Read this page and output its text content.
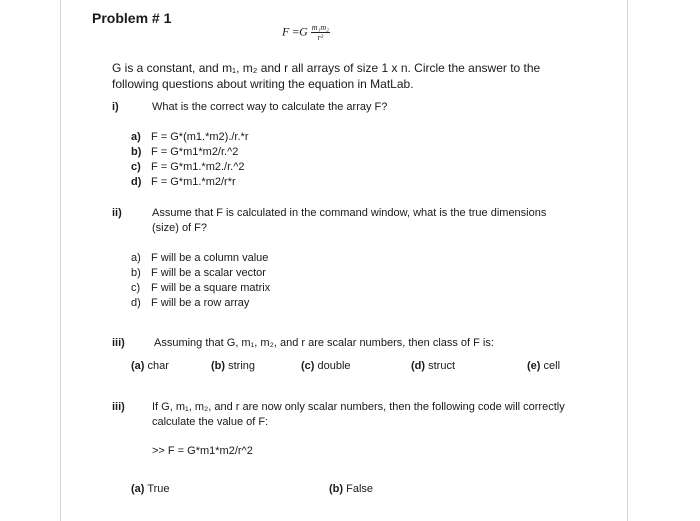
Problem # 1
$F =G \frac{\text{m₁m₂}}{\text{r²}}$
G is a constant, and m₁, m₂ and r all arrays of size 1 x n. Circle the answer to the
following questions about writing the equation in MatLab.
i)	What is the correct way to calculate the array F?
a) F = G*(m1.*m2)./r.*r
b) F = G*m1*m2/r.^2
c) F = G*m1.*m2./r.^2
d) F = G*m1.*m2/r*r
ii)	Assume that F is calculated in the command window, what is the true dimensions
(size) of F?
a) F will be a column value
b) F will be a scalar vector
c) F will be a square matrix
d) F will be a row array
iii)	Assuming that G, m₁, m₂, and r are scalar numbers, then class of F is:
(a) char	(b) string	(c) double	(d) struct	(e) cell
iii) If G, m₁, m₂, and r are now only scalar numbers, then the following code will correctly
calculate the value of F:
>> F = G*m1*m2/r^2
(a) True	(b) False
